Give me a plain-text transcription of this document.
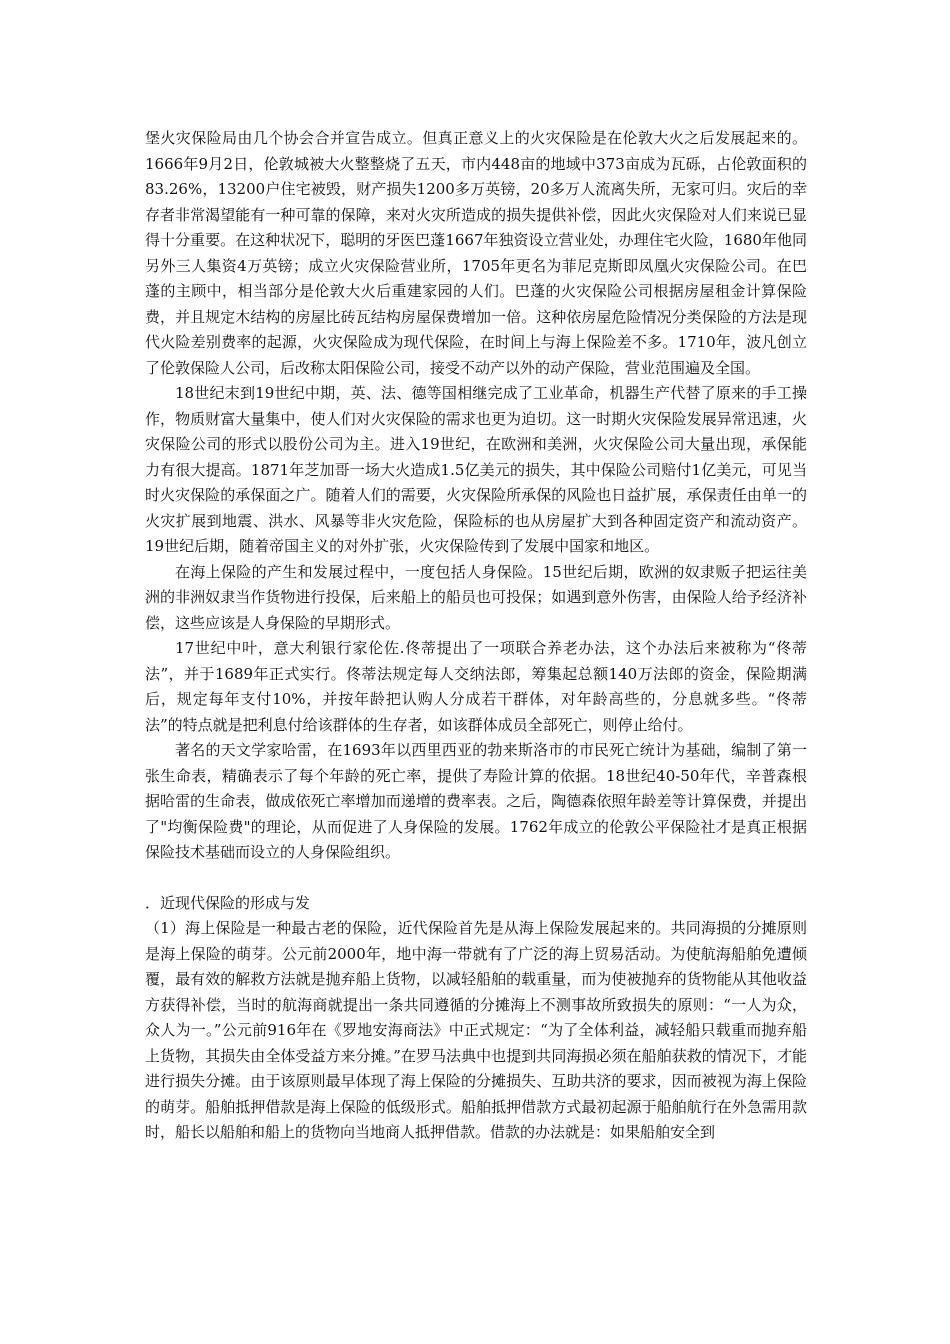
堡火灾保险局由几个协会合并宣告成立。但真正意义上的火灾保险是在伦敦大火之后发展起来的。1666年9月2日，伦敦城被大火整整烧了五天，市内448亩的地域中373亩成为瓦砾，占伦敦面积的83.26%，13200户住宅被毁，财产损失1200多万英镑，20多万人流离失所，无家可归。灾后的幸存者非常渴望能有一种可靠的保障，来对火灾所造成的损失提供补偿，因此火灾保险对人们来说已显得十分重要。在这种状况下，聪明的牙医巴蓬1667年独资设立营业处，办理住宅火险，1680年他同另外三人集资4万英镑；成立火灾保险营业所，1705年更名为菲尼克斯即凤凰火灾保险公司。在巴蓬的主顾中，相当部分是伦敦大火后重建家园的人们。巴蓬的火灾保险公司根据房屋租金计算保险费，并且规定木结构的房屋比砖瓦结构房屋保费增加一倍。这种依房屋危险情况分类保险的方法是现代火险差别费率的起源，火灾保险成为现代保险，在时间上与海上保险差不多。1710年，波凡创立了伦敦保险人公司，后改称太阳保险公司，接受不动产以外的动产保险，营业范围遍及全国。

18世纪末到19世纪中期，英、法、德等国相继完成了工业革命，机器生产代替了原来的手工操作，物质财富大量集中，使人们对火灾保险的需求也更为迫切。这一时期火灾保险发展异常迅速，火灾保险公司的形式以股份公司为主。进入19世纪，在欧洲和美洲，火灾保险公司大量出现，承保能力有很大提高。1871年芝加哥一场大火造成1.5亿美元的损失，其中保险公司赔付1亿美元，可见当时火灾保险的承保面之广。随着人们的需要，火灾保险所承保的风险也日益扩展，承保责任由单一的火灾扩展到地震、洪水、风暴等非火灾危险，保险标的也从房屋扩大到各种固定资产和流动资产。19世纪后期，随着帝国主义的对外扩张，火灾保险传到了发展中国家和地区。

在海上保险的产生和发展过程中，一度包括人身保险。15世纪后期，欧洲的奴隶贩子把运往美洲的非洲奴隶当作货物进行投保，后来船上的船员也可投保；如遇到意外伤害，由保险人给予经济补偿，这些应该是人身保险的早期形式。

17世纪中叶，意大利银行家伦佐.佟蒂提出了一项联合养老办法，这个办法后来被称为“佟蒂法”，并于1689年正式实行。佟蒂法规定每人交纳法郎，筹集起总额140万法郎的资金，保险期满后，规定每年支付10%，并按年龄把认购人分成若干群体，对年龄高些的，分息就多些。“佟蒂法”的特点就是把利息付给该群体的生存者，如该群体成员全部死亡，则停止给付。

著名的天文学家哈雷，在1693年以西里西亚的勃来斯洛市的市民死亡统计为基础，编制了第一张生命表，精确表示了每个年龄的死亡率，提供了寿险计算的依据。18世纪40-50年代，辛普森根据哈雷的生命表，做成依死亡率增加而递增的费率表。之后，陶德森依照年龄差等计算保费，并提出了"均衡保险费"的理论，从而促进了人身保险的发展。1762年成立的伦敦公平保险社才是真正根据保险技术基础而设立的人身保险组织。

．近现代保险的形成与发

（1）海上保险是一种最古老的保险，近代保险首先是从海上保险发展起来的。共同海损的分摊原则是海上保险的萌芽。公元前2000年，地中海一带就有了广泛的海上贸易活动。为使航海船舶免遭倾覆，最有效的解救方法就是抛弃船上货物，以减轻船舶的载重量，而为使被抛弃的货物能从其他收益方获得补偿，当时的航海商就提出一条共同遵循的分摊海上不测事故所致损失的原则：“一人为众，众人为一。”公元前916年在《罗地安海商法》中正式规定：“为了全体利益，减轻船只载重而抛弃船上货物，其损失由全体受益方来分摊。”在罗马法典中也提到共同海损必须在船舶获救的情况下，才能进行损失分摊。由于该原则最早体现了海上保险的分摊损失、互助共济的要求，因而被视为海上保险的萌芽。船舶抵押借款是海上保险的低级形式。船舶抵押借款方式最初起源于船舶航行在外急需用款时，船长以船舶和船上的货物向当地商人抵押借款。借款的办法就是：如果船舶安全到
